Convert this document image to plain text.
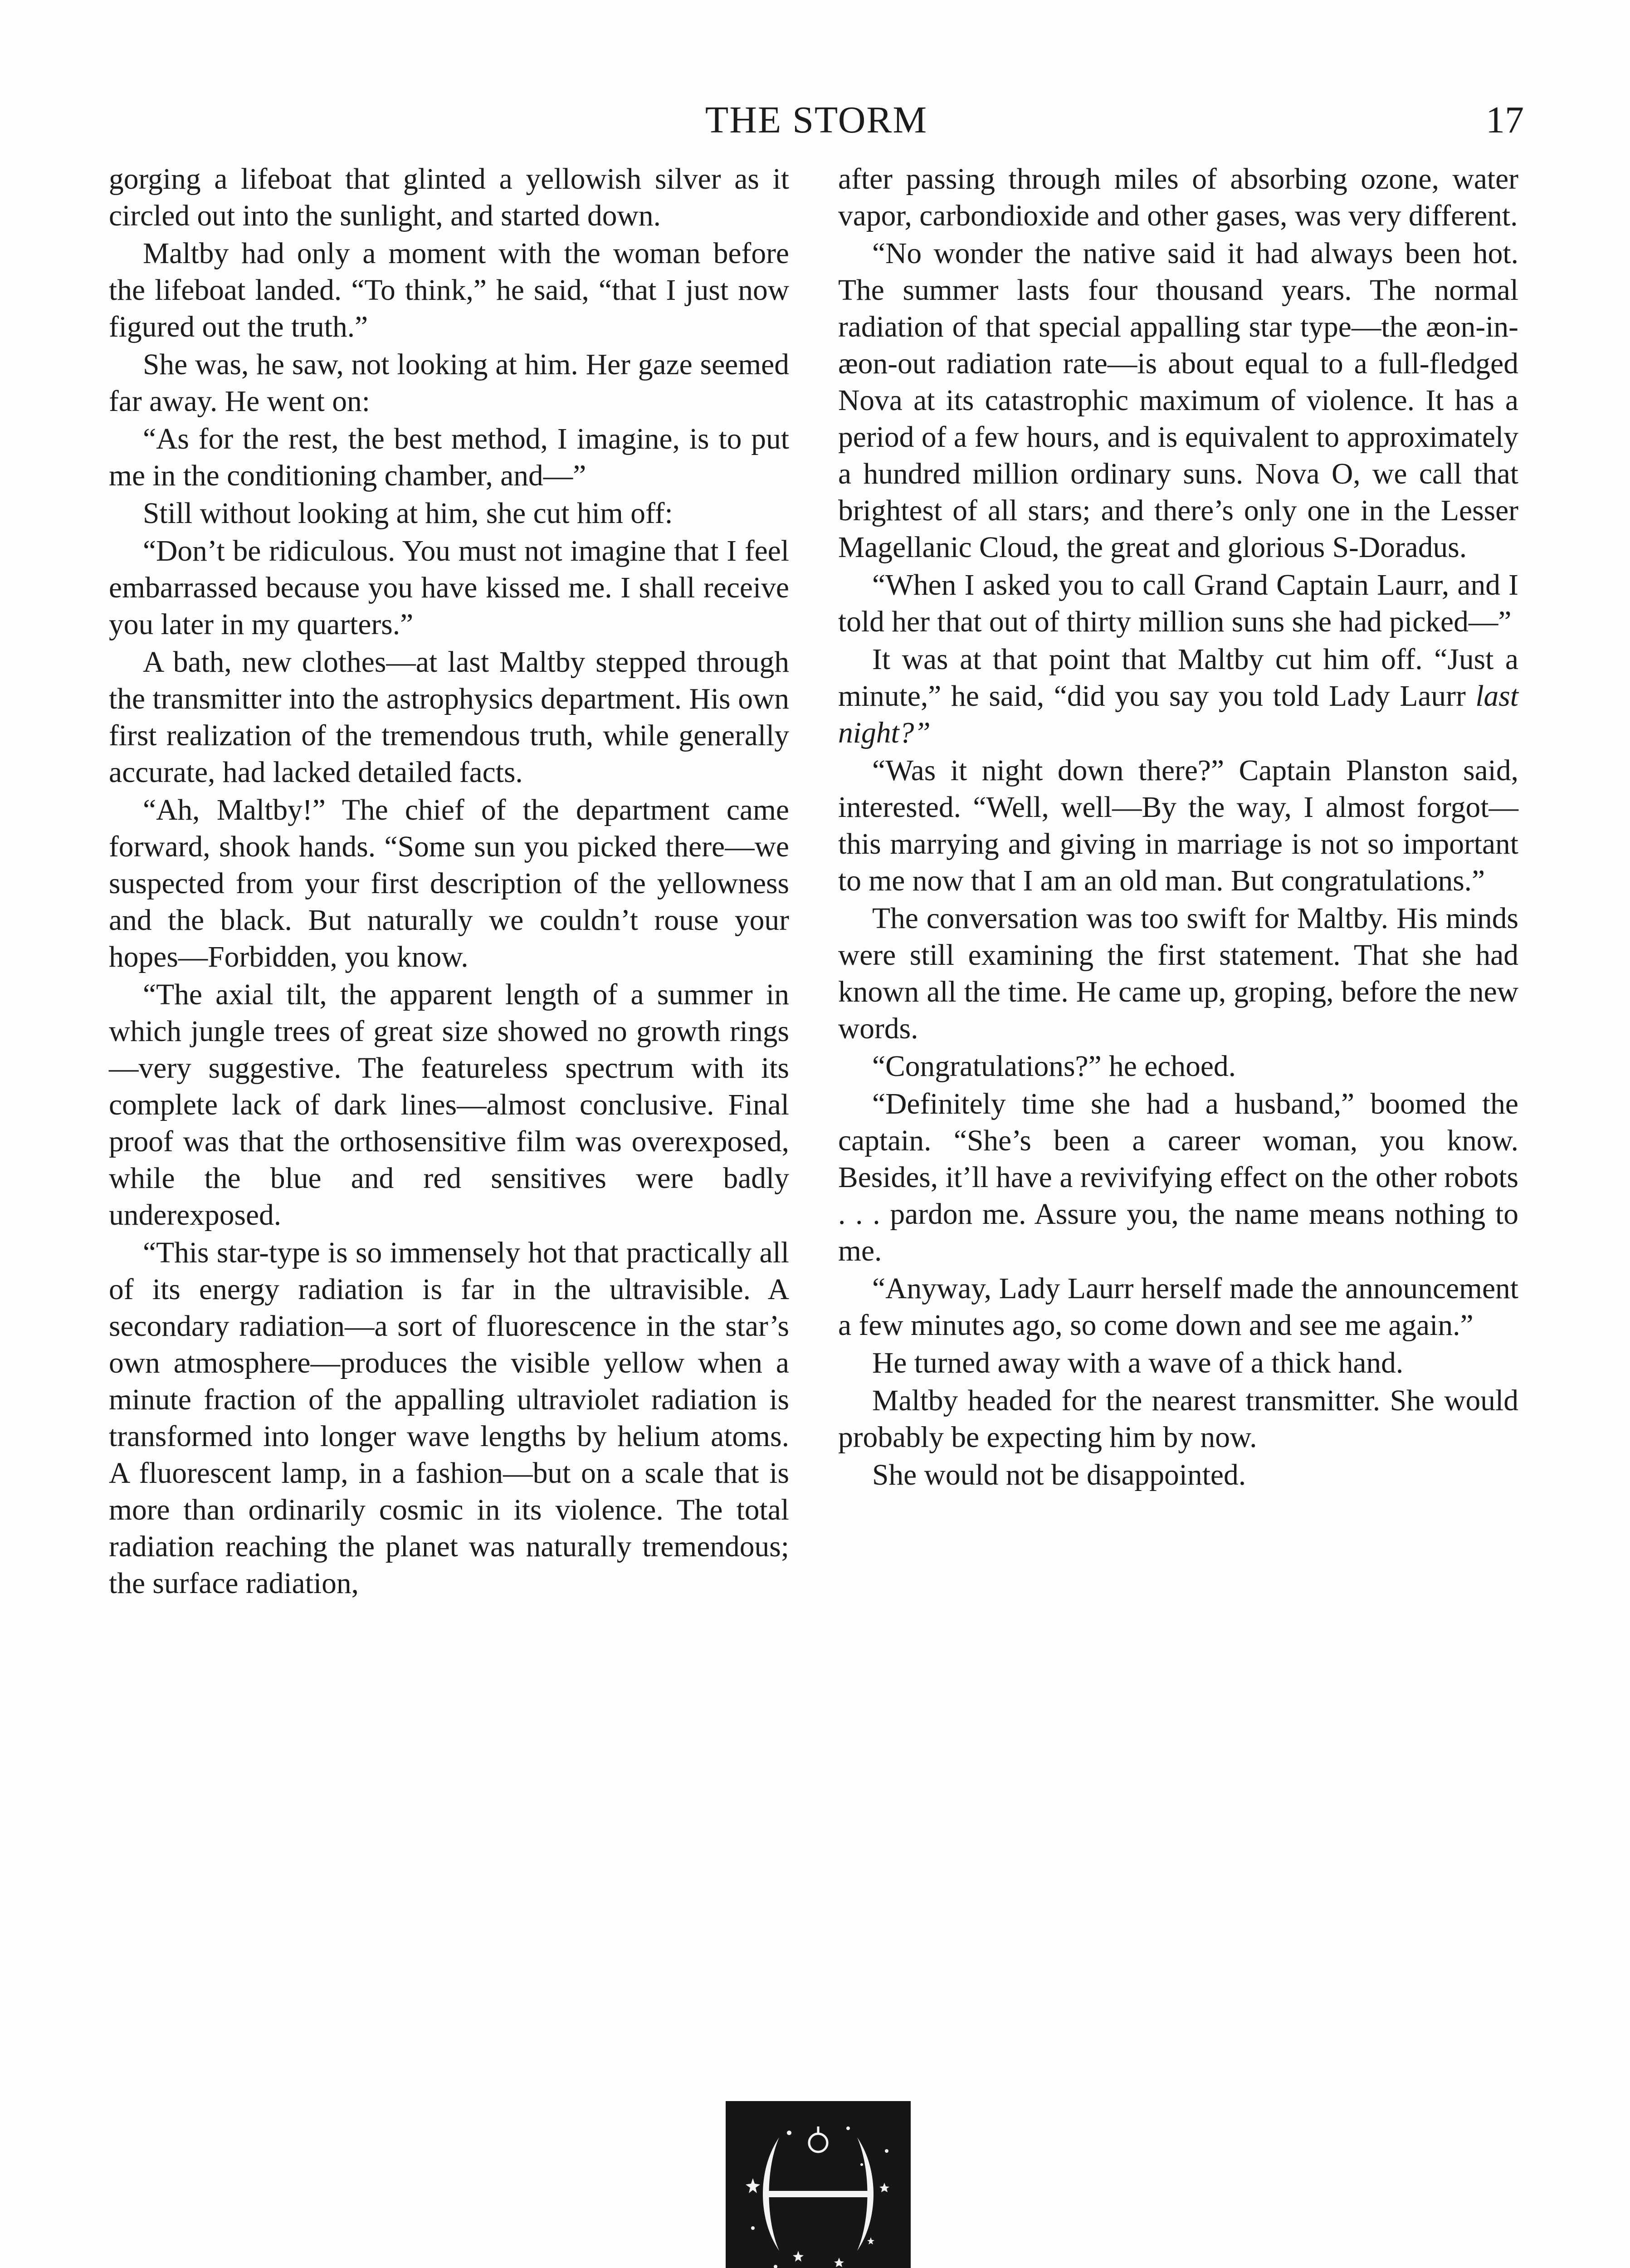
THE STORM	17

gorging a lifeboat that glinted a yellowish silver as it circled out into the sunlight, and started down.

Maltby had only a moment with the woman before the lifeboat landed. “To think,” he said, “that I just now figured out the truth.”

She was, he saw, not looking at him. Her gaze seemed far away. He went on:

“As for the rest, the best method, I imagine, is to put me in the conditioning chamber, and—”

Still without looking at him, she cut him off:

“Don’t be ridiculous. You must not imagine that I feel embarrassed because you have kissed me. I shall receive you later in my quarters.”

A bath, new clothes—at last Maltby stepped through the transmitter into the astrophysics department. His own first realization of the tremendous truth, while generally accurate, had lacked detailed facts.

“Ah, Maltby!” The chief of the department came forward, shook hands. “Some sun you picked there—we suspected from your first description of the yellowness and the black. But naturally we couldn’t rouse your hopes—Forbidden, you know.

“The axial tilt, the apparent length of a summer in which jungle trees of great size showed no growth rings—very suggestive. The featureless spectrum with its complete lack of dark lines—almost conclusive. Final proof was that the orthosensitive film was overexposed, while the blue and red sensitives were badly underexposed.

“This star-type is so immensely hot that practically all of its energy radiation is far in the ultravisible. A secondary radiation—a sort of fluorescence in the star’s own atmosphere—produces the visible yellow when a minute fraction of the appalling ultraviolet radiation is transformed into longer wave lengths by helium atoms. A fluorescent lamp, in a fashion—but on a scale that is more than ordinarily cosmic in its violence. The total radiation reaching the planet was naturally tremendous; the surface radiation,

after passing through miles of absorbing ozone, water vapor, carbondioxide and other gases, was very different.

“No wonder the native said it had always been hot. The summer lasts four thousand years. The normal radiation of that special appalling star type—the æon-in-æon-out radiation rate—is about equal to a full-fledged Nova at its catastrophic maximum of violence. It has a period of a few hours, and is equivalent to approximately a hundred million ordinary suns. Nova O, we call that brightest of all stars; and there’s only one in the Lesser Magellanic Cloud, the great and glorious S-Doradus.

“When I asked you to call Grand Captain Laurr, and I told her that out of thirty million suns she had picked—”

It was at that point that Maltby cut him off. “Just a minute,” he said, “did you say you told Lady Laurr last night?”

“Was it night down there?” Captain Planston said, interested. “Well, well—By the way, I almost forgot—this marrying and giving in marriage is not so important to me now that I am an old man. But congratulations.”

The conversation was too swift for Maltby. His minds were still examining the first statement. That she had known all the time. He came up, groping, before the new words.

“Congratulations?” he echoed.

“Definitely time she had a husband,” boomed the captain. “She’s been a career woman, you know. Besides, it’ll have a revivifying effect on the other robots . . . pardon me. Assure you, the name means nothing to me.

“Anyway, Lady Laurr herself made the announcement a few minutes ago, so come down and see me again.”

He turned away with a wave of a thick hand.

Maltby headed for the nearest transmitter. She would probably be expecting him by now.

She would not be disappointed.
